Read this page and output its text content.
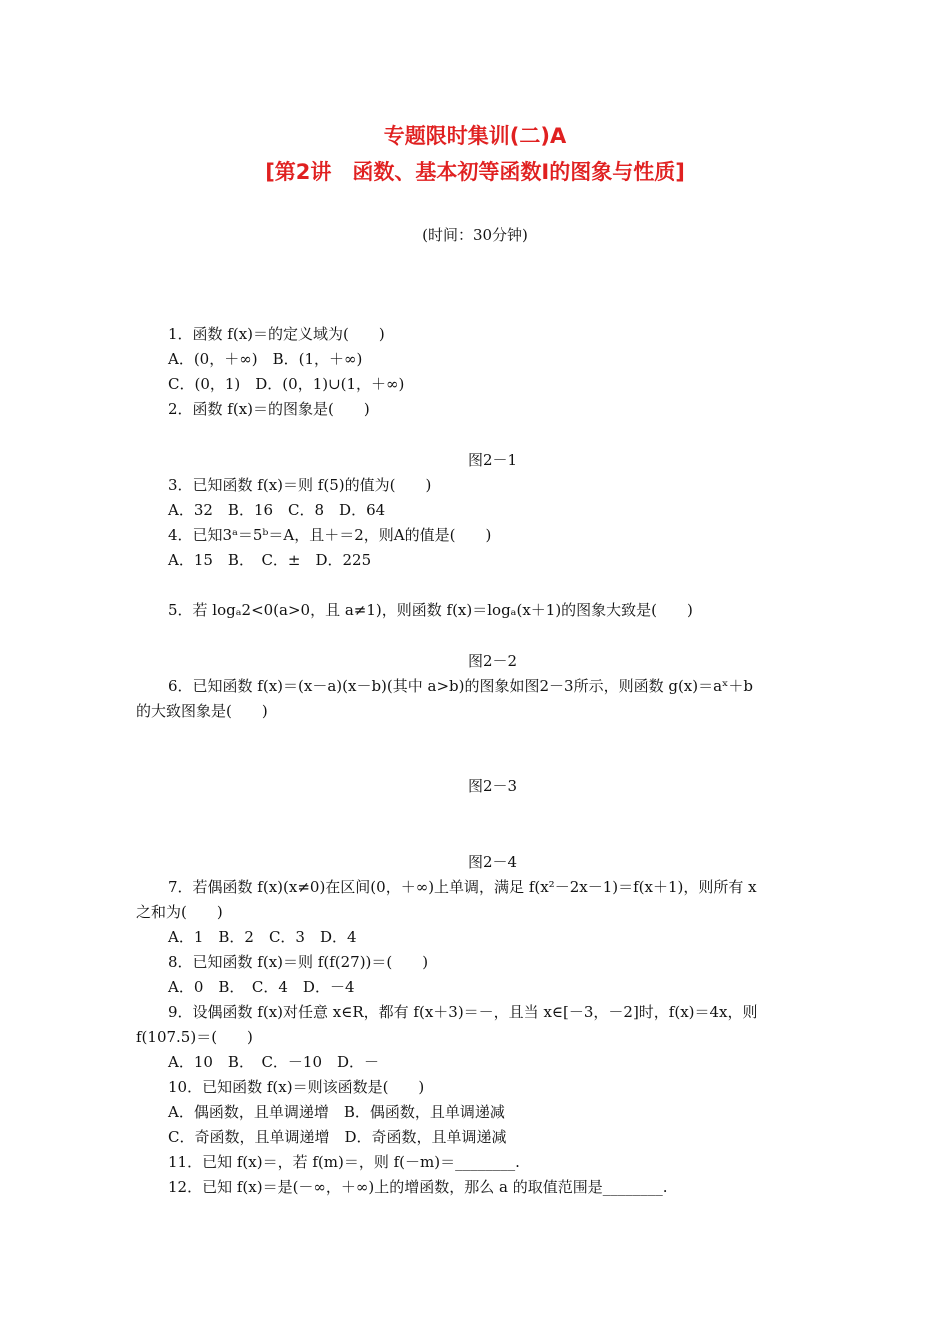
专题限时集训(二)A
[第2讲　函数、基本初等函数Ⅰ的图象与性质]
(时间：30分钟)
1．函数 f(x)＝的定义域为(　　)
A．(0，＋∞)　B．(1，＋∞)
C．(0，1)　D．(0，1)∪(1，＋∞)
2．函数 f(x)＝的图象是(　　)
图2－1
3．已知函数 f(x)＝则 f(5)的值为(　　)
A．32　B．16　C．8　D．64
4．已知3ᵃ＝5ᵇ＝A，且＋＝2，则A的值是(　　)
A．15　B．　C．±　D．225
5．若 logₐ2<0(a>0，且 a≠1)，则函数 f(x)＝logₐ(x＋1)的图象大致是(　　)
图2－2
6．已知函数 f(x)＝(x－a)(x－b)(其中 a>b)的图象如图2－3所示，则函数 g(x)＝aˣ＋b
的大致图象是(　　)
图2－3
图2－4
7．若偶函数 f(x)(x≠0)在区间(0，＋∞)上单调，满足 f(x²－2x－1)＝f(x＋1)，则所有 x
之和为(　　)
A．1　B．2　C．3　D．4
8．已知函数 f(x)＝则 f(f(27))＝(　　)
A．0　B．　C．4　D．－4
9．设偶函数 f(x)对任意 x∈R，都有 f(x＋3)＝－，且当 x∈[－3，－2]时，f(x)＝4x，则
f(107.5)＝(　　)
A．10　B．　C．－10　D．－
10．已知函数 f(x)＝则该函数是(　　)
A．偶函数，且单调递增　B．偶函数，且单调递减
C．奇函数，且单调递增　D．奇函数，且单调递减
11．已知 f(x)＝，若 f(m)＝，则 f(－m)＝________.
12．已知 f(x)＝是(－∞，＋∞)上的增函数，那么 a 的取值范围是________.
